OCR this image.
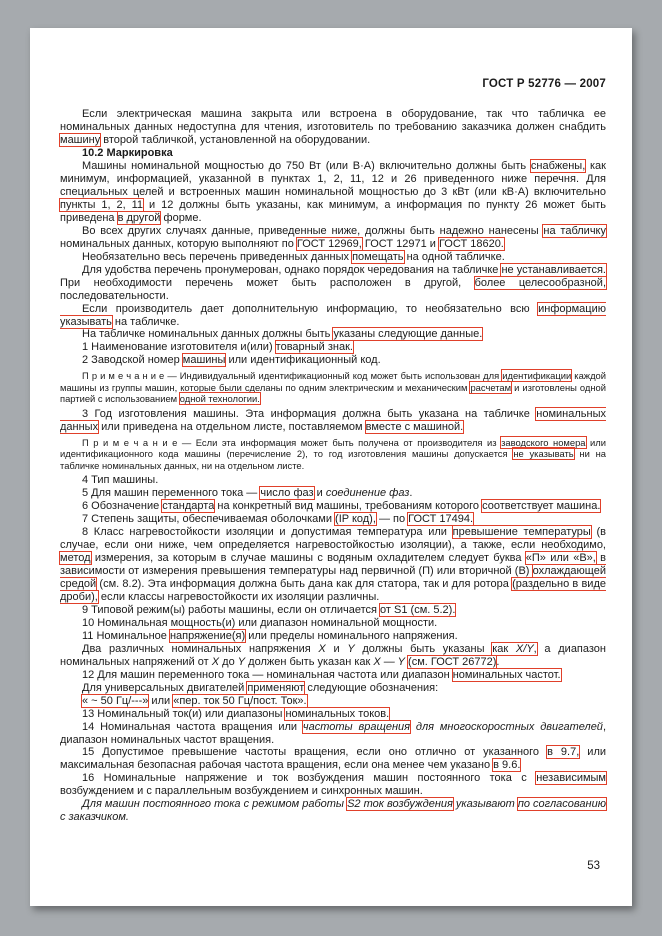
ГОСТ Р 52776 — 2007

Если электрическая машина закрыта или встроена в оборудование, так что табличка ее номинальных данных недоступна для чтения, изготовитель по требованию заказчика должен снабдить машину второй табличкой, установленной на оборудовании.

10.2 Маркировка

Машины номинальной мощностью до 750 Вт (или В·А) включительно должны быть снабжены, как минимум, информацией, указанной в пунктах 1, 2, 11, 12 и 26 приведенного ниже перечня. Для специальных целей и встроенных машин номинальной мощностью до 3 кВт (или кВ·А) включительно пункты 1, 2, 11 и 12 должны быть указаны, как минимум, а информация по пункту 26 может быть приведена в другой форме.

Во всех других случаях данные, приведенные ниже, должны быть надежно нанесены на табличку номинальных данных, которую выполняют по ГОСТ 12969, ГОСТ 12971 и ГОСТ 18620.

Необязательно весь перечень приведенных данных помещать на одной табличке.

Для удобства перечень пронумерован, однако порядок чередования на табличке не устанавливается. При необходимости перечень может быть расположен в другой, более целесообразной, последовательности.

Если производитель дает дополнительную информацию, то необязательно всю информацию указывать на табличке.

На табличке номинальных данных должны быть указаны следующие данные.

1 Наименование изготовителя и(или) товарный знак.

2 Заводской номер машины или идентификационный код.

П р и м е ч а н и е — Индивидуальный идентификационный код может быть использован для идентификации каждой машины из группы машин, которые были сделаны по одним электрическим и механическим расчетам и изготовлены одной партией с использованием одной технологии.

3 Год изготовления машины. Эта информация должна быть указана на табличке номинальных данных или приведена на отдельном листе, поставляемом вместе с машиной.

П р и м е ч а н и е — Если эта информация может быть получена от производителя из заводского номера или идентификационного кода машины (перечисление 2), то год изготовления машины допускается не указывать ни на табличке номинальных данных, ни на отдельном листе.

4 Тип машины.

5 Для машин переменного тока — число фаз и соединение фаз.

6 Обозначение стандарта на конкретный вид машины, требованиям которого соответствует машина.

7 Степень защиты, обеспечиваемая оболочками (IP код), — по ГОСТ 17494.

8 Класс нагревостойкости изоляции и допустимая температура или превышение температуры (в случае, если они ниже, чем определяется нагревостойкостью изоляции), а также, если необходимо, метод измерения, за которым в случае машины с водяным охладителем следует буква «П» или «В», в зависимости от измерения превышения температуры над первичной (П) или вторичной (В) охлаждающей средой (см. 8.2). Эта информация должна быть дана как для статора, так и для ротора (раздельно в виде дроби), если классы нагревостойкости их изоляции различны.

9 Типовой режим(ы) работы машины, если он отличается от S1 (см. 5.2).

10 Номинальная мощность(и) или диапазон номинальной мощности.

11 Номинальное напряжение(я) или пределы номинального напряжения.

Два различных номинальных напряжения X и Y должны быть указаны как X/Y, а диапазон номинальных напряжений от X до Y должен быть указан как X — Y (см. ГОСТ 26772).

12 Для машин переменного тока — номинальная частота или диапазон номинальных частот.

Для универсальных двигателей применяют следующие обозначения:

« ~ 50 Гц/---» или «пер. ток 50 Гц/пост. Ток».

13 Номинальный ток(и) или диапазоны номинальных токов.

14 Номинальная частота вращения или частоты вращения для многоскоростных двигателей, диапазон номинальных частот вращения.

15 Допустимое превышение частоты вращения, если оно отлично от указанного в 9.7, или максимальная безопасная рабочая частота вращения, если она менее чем указано в 9.6.

16 Номинальные напряжение и ток возбуждения машин постоянного тока с независимым возбуждением и с параллельным возбуждением и синхронных машин.

Для машин постоянного тока с режимом работы S2 ток возбуждения указывают по согласованию с заказчиком.

53
